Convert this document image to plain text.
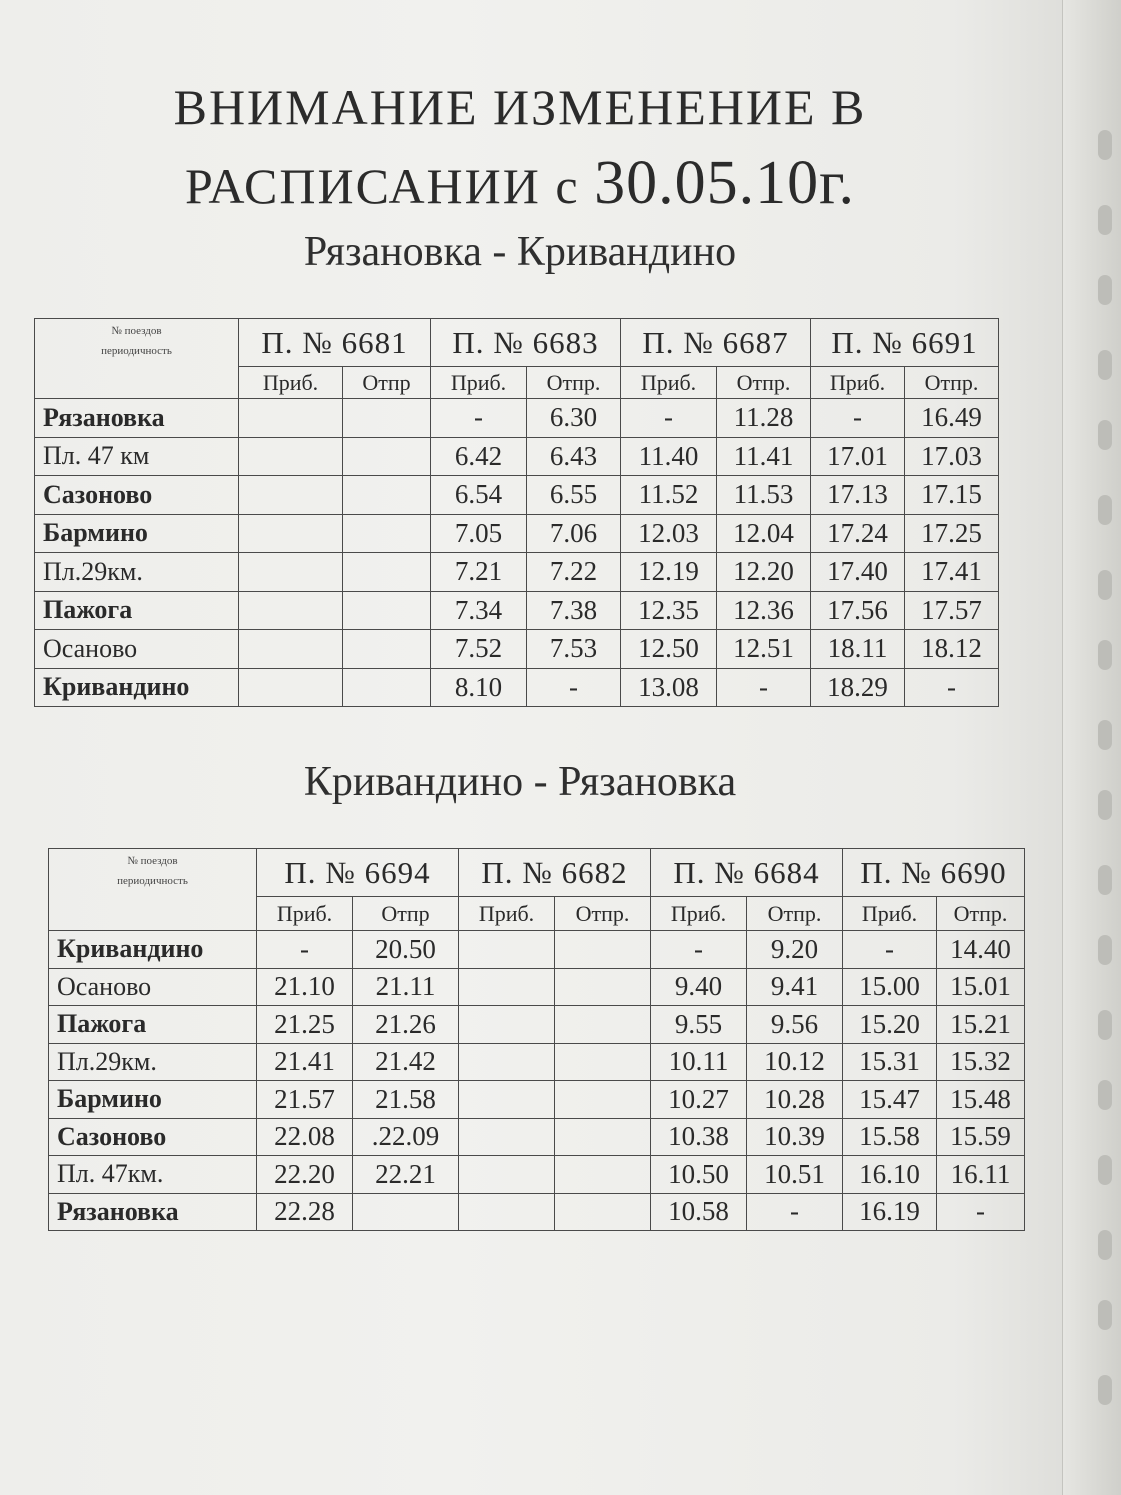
ВНИМАНИЕ ИЗМЕНЕНИЕ В
РАСПИСАНИИ с 30.05.10г.
Рязановка - Кривандино
№ поездов
периодичность	П. № 6681		П. № 6683		П. № 6687		П. № 6691	
	Приб.	Отпр	Приб.	Отпр.	Приб.	Отпр.	Приб.	Отпр.
Рязановка			-	6.30	-	11.28	-	16.49
Пл. 47 км			6.42	6.43	11.40	11.41	17.01	17.03
Сазоново			6.54	6.55	11.52	11.53	17.13	17.15
Бармино			7.05	7.06	12.03	12.04	17.24	17.25
Пл.29км.			7.21	7.22	12.19	12.20	17.40	17.41
Пажога			7.34	7.38	12.35	12.36	17.56	17.57
Осаново			7.52	7.53	12.50	12.51	18.11	18.12
Кривандино			8.10	-	13.08	-	18.29	-
Кривандино - Рязановка
№ поездов
периодичность	П. № 6694		П. № 6682		П. № 6684		П. № 6690	
	Приб.	Отпр	Приб.	Отпр.	Приб.	Отпр.	Приб.	Отпр.
Кривандино	-	20.50			-	9.20	-	14.40
Осаново	21.10	21.11			9.40	9.41	15.00	15.01
Пажога	21.25	21.26			9.55	9.56	15.20	15.21
Пл.29км.	21.41	21.42			10.11	10.12	15.31	15.32
Бармино	21.57	21.58			10.27	10.28	15.47	15.48
Сазоново	22.08	.22.09			10.38	10.39	15.58	15.59
Пл. 47км.	22.20	22.21			10.50	10.51	16.10	16.11
Рязановка	22.28				10.58	-	16.19	-
